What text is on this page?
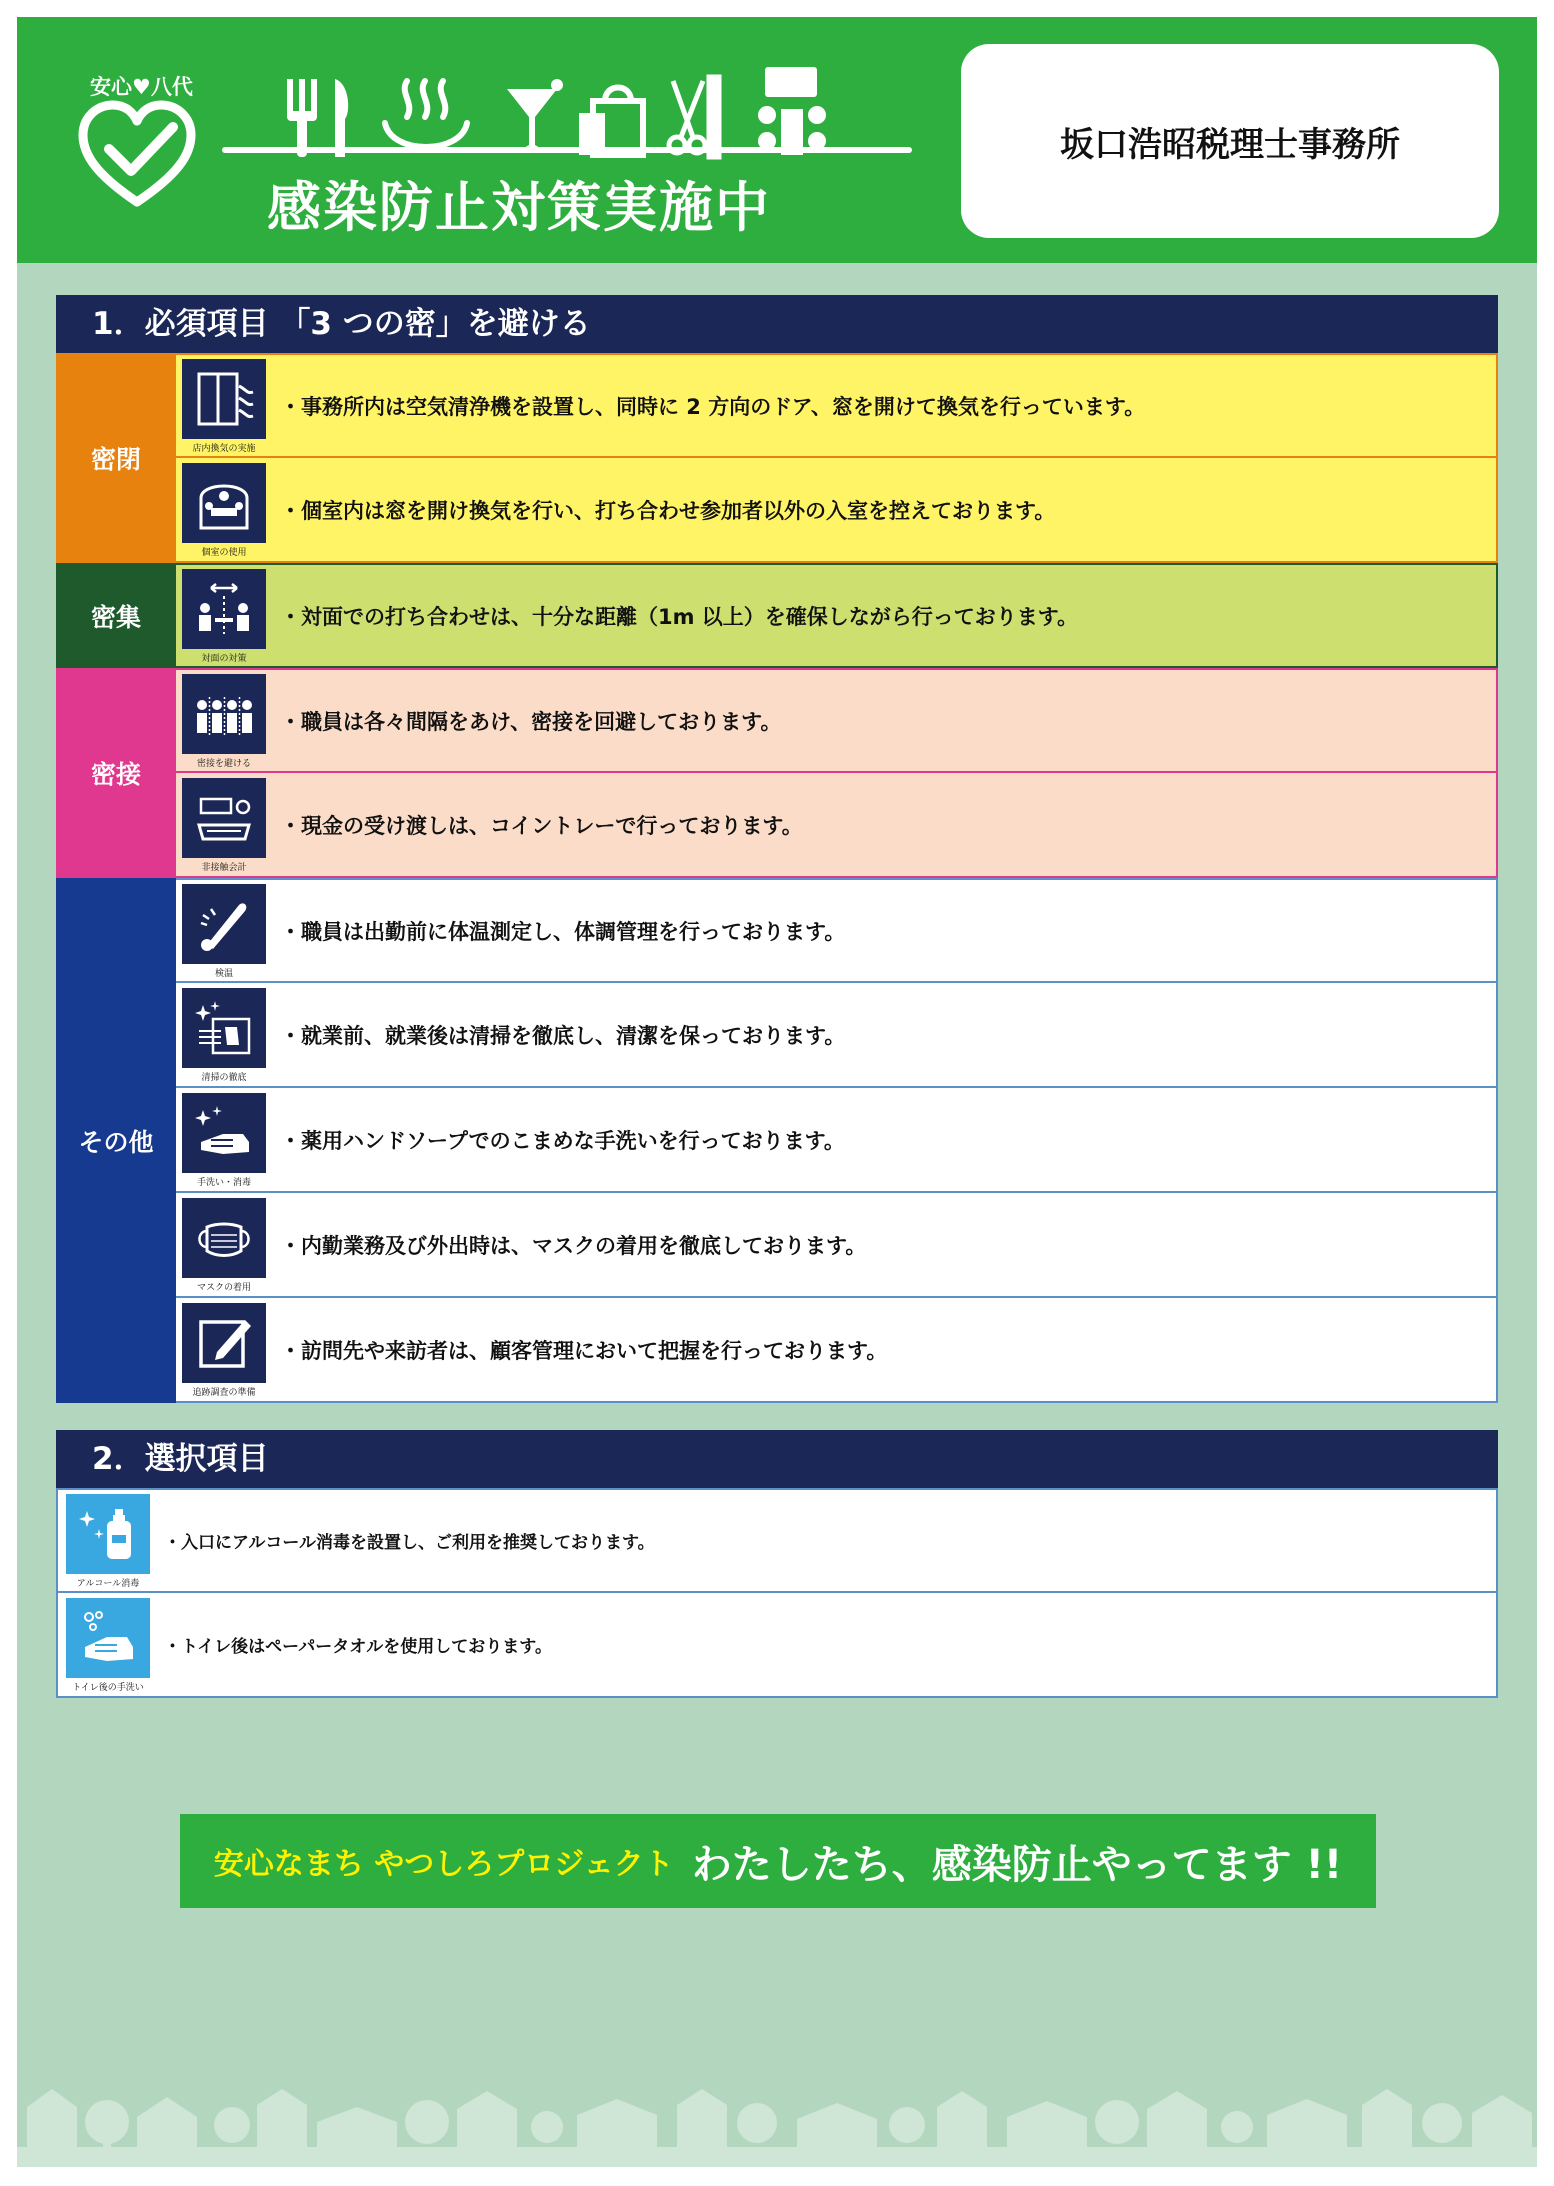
安心♥八代
感染防止対策実施中
坂口浩昭税理士事務所
1．必須項目 「3 つの密」を避ける
密閉	店内換気の実施
・事務所内は空気清浄機を設置し、同時に 2 方向のドア、窓を開けて換気を行っています。
個室の使用
・個室内は窓を開け換気を行い、打ち合わせ参加者以外の入室を控えております。
密集
対面の対策
・対面での打ち合わせは、十分な距離（1m 以上）を確保しながら行っております。
密接	密接を避ける
・職員は各々間隔をあけ、密接を回避しております。
非接触会計
・現金の受け渡しは、コイントレーで行っております。
その他
検温
・職員は出勤前に体温測定し、体調管理を行っております。
清掃の徹底
・就業前、就業後は清掃を徹底し、清潔を保っております。
手洗い・消毒
・薬用ハンドソープでのこまめな手洗いを行っております。
マスクの着用
・内勤業務及び外出時は、マスクの着用を徹底しております。
追跡調査の準備
・訪問先や来訪者は、顧客管理において把握を行っております。
2．選択項目
アルコール消毒
・入口にアルコール消毒を設置し、ご利用を推奨しております。
トイレ後の手洗い
・トイレ後はペーパータオルを使用しております。
安心なまち やつしろプロジェクト わたしたち、感染防止やってます !!
